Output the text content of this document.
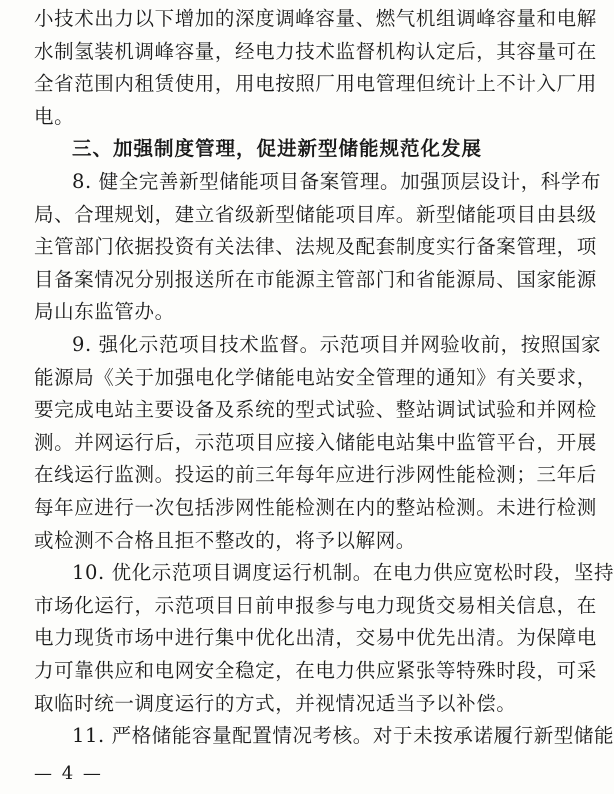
小技术出力以下增加的深度调峰容量、燃气机组调峰容量和电解
水制氢装机调峰容量，经电力技术监督机构认定后，其容量可在
全省范围内租赁使用，用电按照厂用电管理但统计上不计入厂用
电。
三、加强制度管理，促进新型储能规范化发展
8. 健全完善新型储能项目备案管理。加强顶层设计，科学布
局、合理规划，建立省级新型储能项目库。新型储能项目由县级
主管部门依据投资有关法律、法规及配套制度实行备案管理，项
目备案情况分别报送所在市能源主管部门和省能源局、国家能源
局山东监管办。
9. 强化示范项目技术监督。示范项目并网验收前，按照国家
能源局《关于加强电化学储能电站安全管理的通知》有关要求，
要完成电站主要设备及系统的型式试验、整站调试试验和并网检
测。并网运行后，示范项目应接入储能电站集中监管平台，开展
在线运行监测。投运的前三年每年应进行涉网性能检测；三年后
每年应进行一次包括涉网性能检测在内的整站检测。未进行检测
或检测不合格且拒不整改的，将予以解网。
10. 优化示范项目调度运行机制。在电力供应宽松时段，坚持
市场化运行，示范项目日前申报参与电力现货交易相关信息，在
电力现货市场中进行集中优化出清，交易中优先出清。为保障电
力可靠供应和电网安全稳定，在电力供应紧张等特殊时段，可采
取临时统一调度运行的方式，并视情况适当予以补偿。
11. 严格储能容量配置情况考核。对于未按承诺履行新型储能
— 4 —
